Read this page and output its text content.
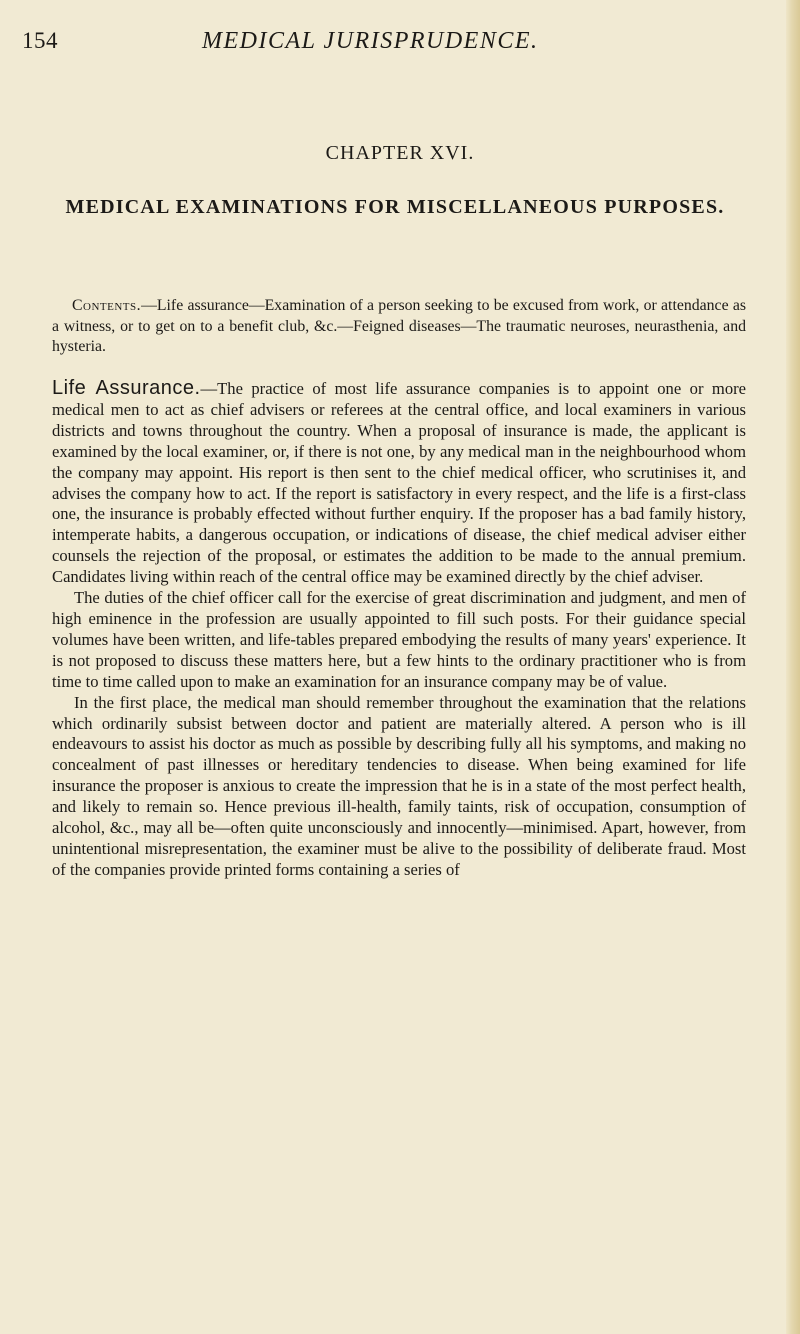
154	MEDICAL JURISPRUDENCE.
CHAPTER XVI.
MEDICAL EXAMINATIONS FOR MISCELLANEOUS PURPOSES.
Contents.—Life assurance—Examination of a person seeking to be excused from work, or attendance as a witness, or to get on to a benefit club, &c.—Feigned diseases—The traumatic neuroses, neurasthenia, and hysteria.

Life Assurance.—The practice of most life assurance companies is to appoint one or more medical men to act as chief advisers or referees at the central office, and local examiners in various districts and towns throughout the country. When a proposal of insurance is made, the applicant is examined by the local examiner, or, if there is not one, by any medical man in the neighbourhood whom the company may appoint. His report is then sent to the chief medical officer, who scrutinises it, and advises the company how to act. If the report is satisfactory in every respect, and the life is a first-class one, the insurance is probably effected without further enquiry. If the proposer has a bad family history, intemperate habits, a dangerous occupation, or indications of disease, the chief medical adviser either counsels the rejection of the proposal, or estimates the addition to be made to the annual premium. Candidates living within reach of the central office may be examined directly by the chief adviser.

The duties of the chief officer call for the exercise of great discrimination and judgment, and men of high eminence in the profession are usually appointed to fill such posts. For their guidance special volumes have been written, and life-tables prepared embodying the results of many years' experience. It is not proposed to discuss these matters here, but a few hints to the ordinary practitioner who is from time to time called upon to make an examination for an insurance company may be of value.

In the first place, the medical man should remember throughout the examination that the relations which ordinarily subsist between doctor and patient are materially altered. A person who is ill endeavours to assist his doctor as much as possible by describing fully all his symptoms, and making no concealment of past illnesses or hereditary tendencies to disease. When being examined for life insurance the proposer is anxious to create the impression that he is in a state of the most perfect health, and likely to remain so. Hence previous ill-health, family taints, risk of occupation, consumption of alcohol, &c., may all be—often quite unconsciously and innocently—minimised. Apart, however, from unintentional misrepresentation, the examiner must be alive to the possibility of deliberate fraud. Most of the companies provide printed forms containing a series of
